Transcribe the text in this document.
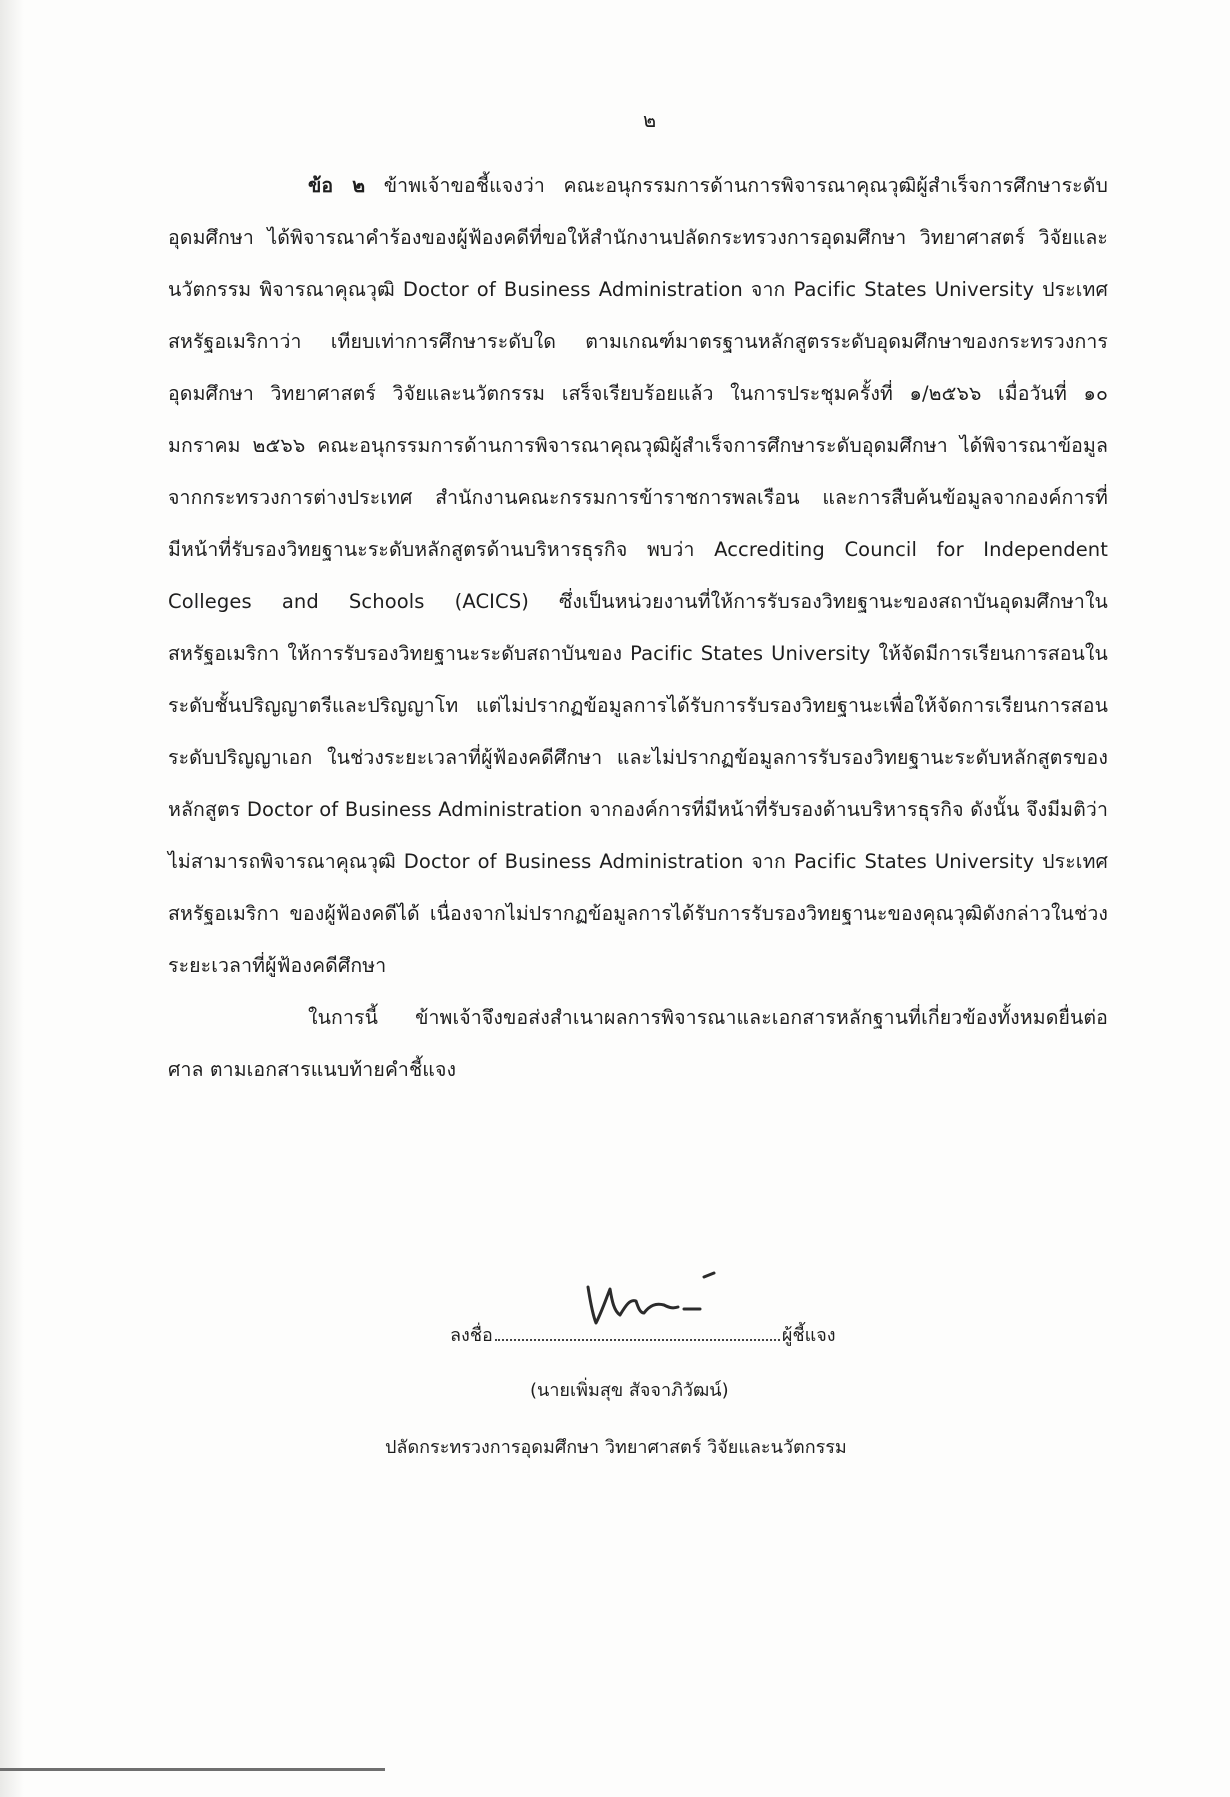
๒

ข้อ ๒ ข้าพเจ้าขอชี้แจงว่า คณะอนุกรรมการด้านการพิจารณาคุณวุฒิผู้สำเร็จการศึกษาระดับอุดมศึกษา ได้พิจารณาคำร้องของผู้ฟ้องคดีที่ขอให้สำนักงานปลัดกระทรวงการอุดมศึกษา วิทยาศาสตร์ วิจัยและนวัตกรรม พิจารณาคุณวุฒิ Doctor of Business Administration จาก Pacific States University ประเทศสหรัฐอเมริกาว่า เทียบเท่าการศึกษาระดับใด ตามเกณฑ์มาตรฐานหลักสูตรระดับอุดมศึกษาของกระทรวงการอุดมศึกษา วิทยาศาสตร์ วิจัยและนวัตกรรม เสร็จเรียบร้อยแล้ว ในการประชุมครั้งที่ ๑/๒๕๖๖ เมื่อวันที่ ๑๐ มกราคม ๒๕๖๖ คณะอนุกรรมการด้านการพิจารณาคุณวุฒิผู้สำเร็จการศึกษาระดับอุดมศึกษา ได้พิจารณาข้อมูลจากกระทรวงการต่างประเทศ สำนักงานคณะกรรมการข้าราชการพลเรือน และการสืบค้นข้อมูลจากองค์การที่มีหน้าที่รับรองวิทยฐานะระดับหลักสูตรด้านบริหารธุรกิจ พบว่า Accrediting Council for Independent Colleges and Schools (ACICS) ซึ่งเป็นหน่วยงานที่ให้การรับรองวิทยฐานะของสถาบันอุดมศึกษาในสหรัฐอเมริกา ให้การรับรองวิทยฐานะระดับสถาบันของ Pacific States University ให้จัดมีการเรียนการสอนในระดับชั้นปริญญาตรีและปริญญาโท แต่ไม่ปรากฏข้อมูลการได้รับการรับรองวิทยฐานะเพื่อให้จัดการเรียนการสอนระดับปริญญาเอก ในช่วงระยะเวลาที่ผู้ฟ้องคดีศึกษา และไม่ปรากฏข้อมูลการรับรองวิทยฐานะระดับหลักสูตรของหลักสูตร Doctor of Business Administration จากองค์การที่มีหน้าที่รับรองด้านบริหารธุรกิจ ดังนั้น จึงมีมติว่า ไม่สามารถพิจารณาคุณวุฒิ Doctor of Business Administration จาก Pacific States University ประเทศสหรัฐอเมริกา ของผู้ฟ้องคดีได้ เนื่องจากไม่ปรากฏข้อมูลการได้รับการรับรองวิทยฐานะของคุณวุฒิดังกล่าวในช่วงระยะเวลาที่ผู้ฟ้องคดีศึกษา

ในการนี้ ข้าพเจ้าจึงขอส่งสำเนาผลการพิจารณาและเอกสารหลักฐานที่เกี่ยวข้องทั้งหมดยื่นต่อศาล ตามเอกสารแนบท้ายคำชี้แจง

ลงชื่อ	ผู้ชี้แจง
(นายเพิ่มสุข สัจจาภิวัฒน์)
ปลัดกระทรวงการอุดมศึกษา วิทยาศาสตร์ วิจัยและนวัตกรรม
